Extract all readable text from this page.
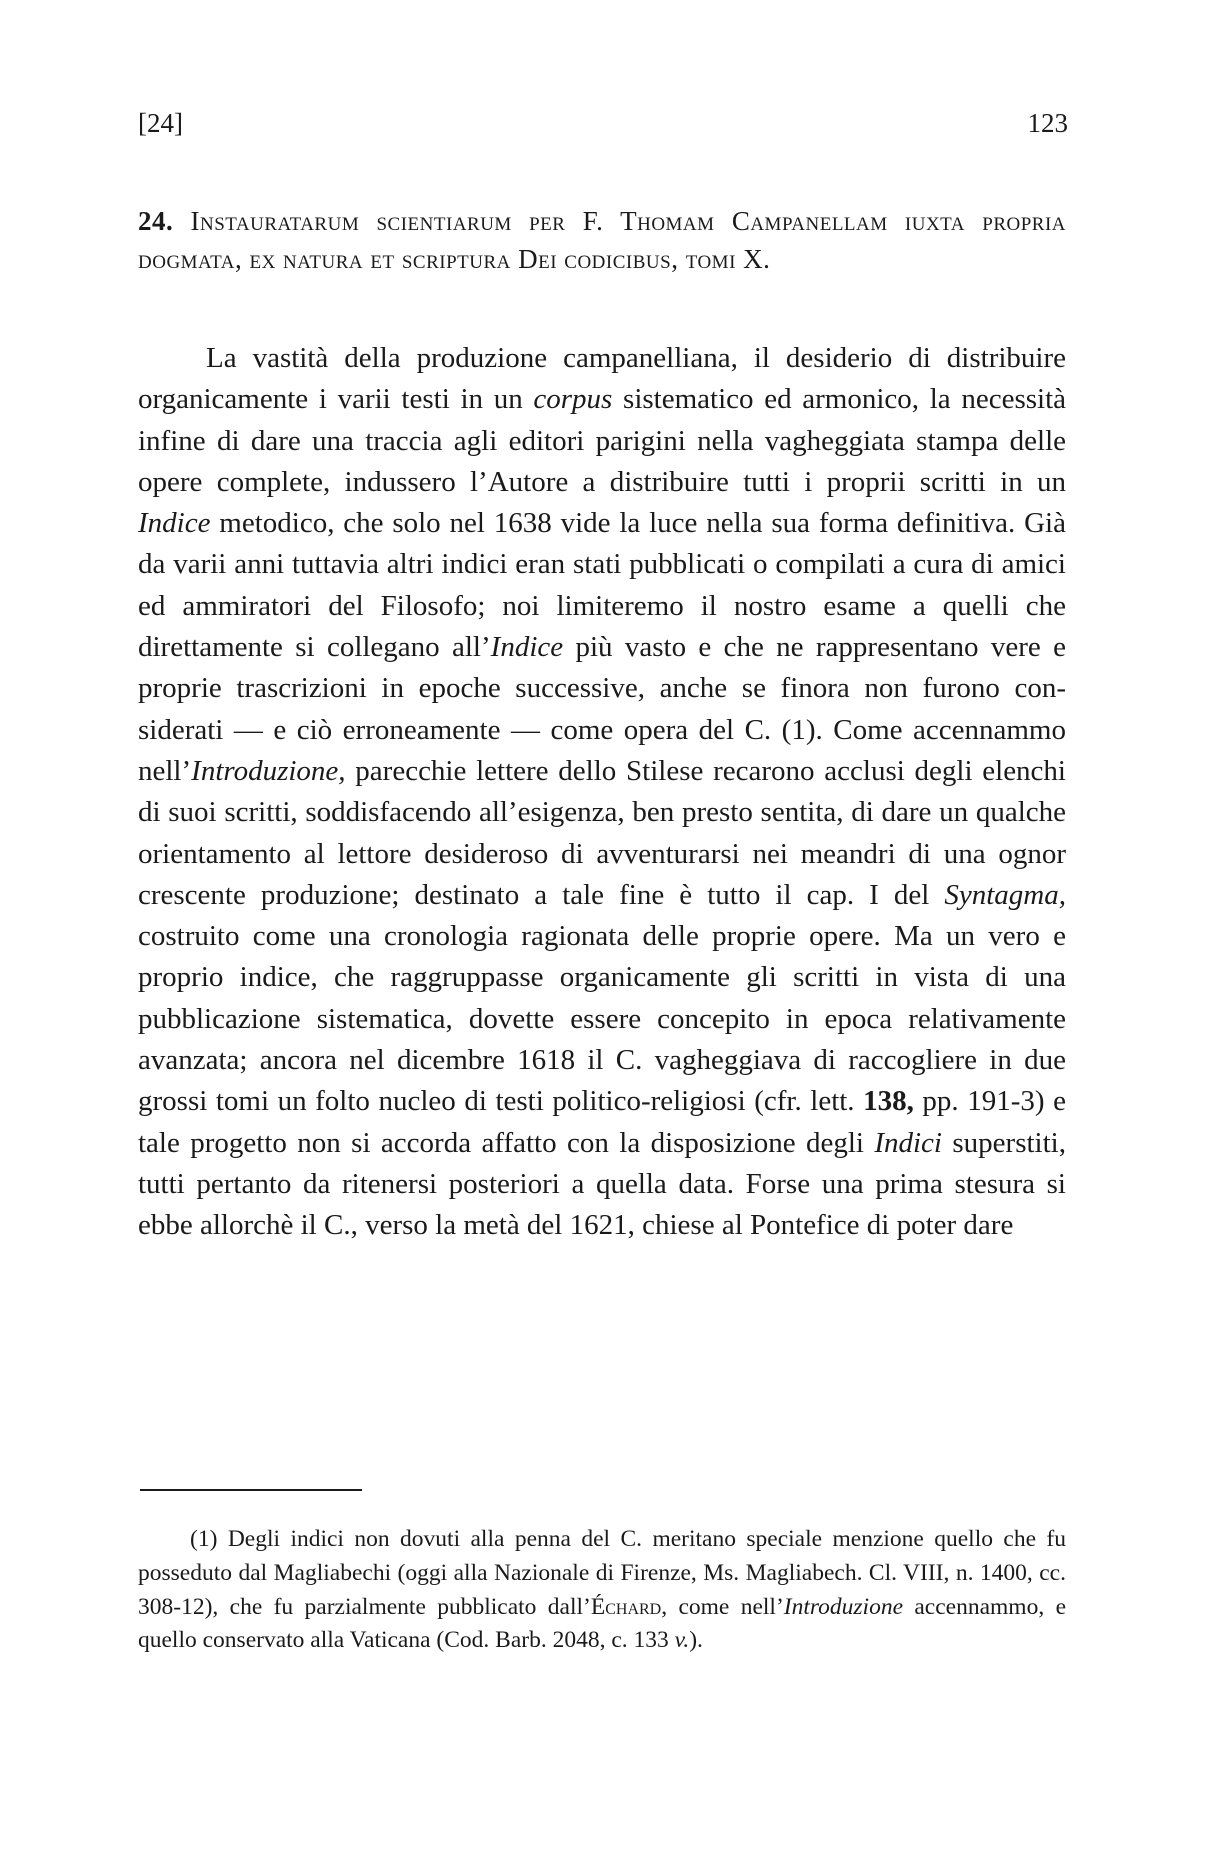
[24]	123
24. Instauratarum scientiarum per F. Thomam Campanellam iuxta propria dogmata, ex natura et scriptura Dei codicibus, tomi X.

La vastità della produzione campanelliana, il desiderio di distribuire organicamente i varii testi in un corpus sistematico ed armonico, la necessità infine di dare una traccia agli editori parigini nella vagheggiata stampa delle opere complete, indussero l’Autore a distribuire tutti i proprii scritti in un Indice metodico, che solo nel 1638 vide la luce nella sua forma definitiva. Già da varii anni tuttavia altri indici eran stati pubblicati o compilati a cura di amici ed ammiratori del Filosofo; noi limiteremo il nostro esame a quelli che direttamente si collegano all’Indice più vasto e che ne rappresentano vere e proprie trascrizioni in epoche successive, anche se finora non furono considerati — e ciò erroneamente — come opera del C. (1). Come accennammo nell’Introduzione, parecchie lettere dello Stilese recarono acclusi degli elenchi di suoi scritti, soddisfacendo all’esigenza, ben presto sentita, di dare un qualche orientamento al lettore desideroso di avventurarsi nei meandri di una ognor crescente produzione; destinato a tale fine è tutto il cap. I del Syntagma, costruito come una cronologia ragionata delle proprie opere. Ma un vero e proprio indice, che raggruppasse organicamente gli scritti in vista di una pubblicazione sistematica, dovette essere concepito in epoca relativamente avanzata; ancora nel dicembre 1618 il C. vagheggiava di raccogliere in due grossi tomi un folto nucleo di testi politico-religiosi (cfr. lett. 138, pp. 191-3) e tale progetto non si accorda affatto con la disposizione degli Indici superstiti, tutti pertanto da ritenersi posteriori a quella data. Forse una prima stesura si ebbe allorchè il C., verso la metà del 1621, chiese al Pontefice di poter dare

(1) Degli indici non dovuti alla penna del C. meritano speciale menzione quello che fu posseduto dal Magliabechi (oggi alla Nazionale di Firenze, Ms. Magliabech. Cl. VIII, n. 1400, cc. 308-12), che fu parzialmente pubblicato dall’Échard, come nell’Introduzione accennammo, e quello conservato alla Vaticana (Cod. Barb. 2048, c. 133 v.).
